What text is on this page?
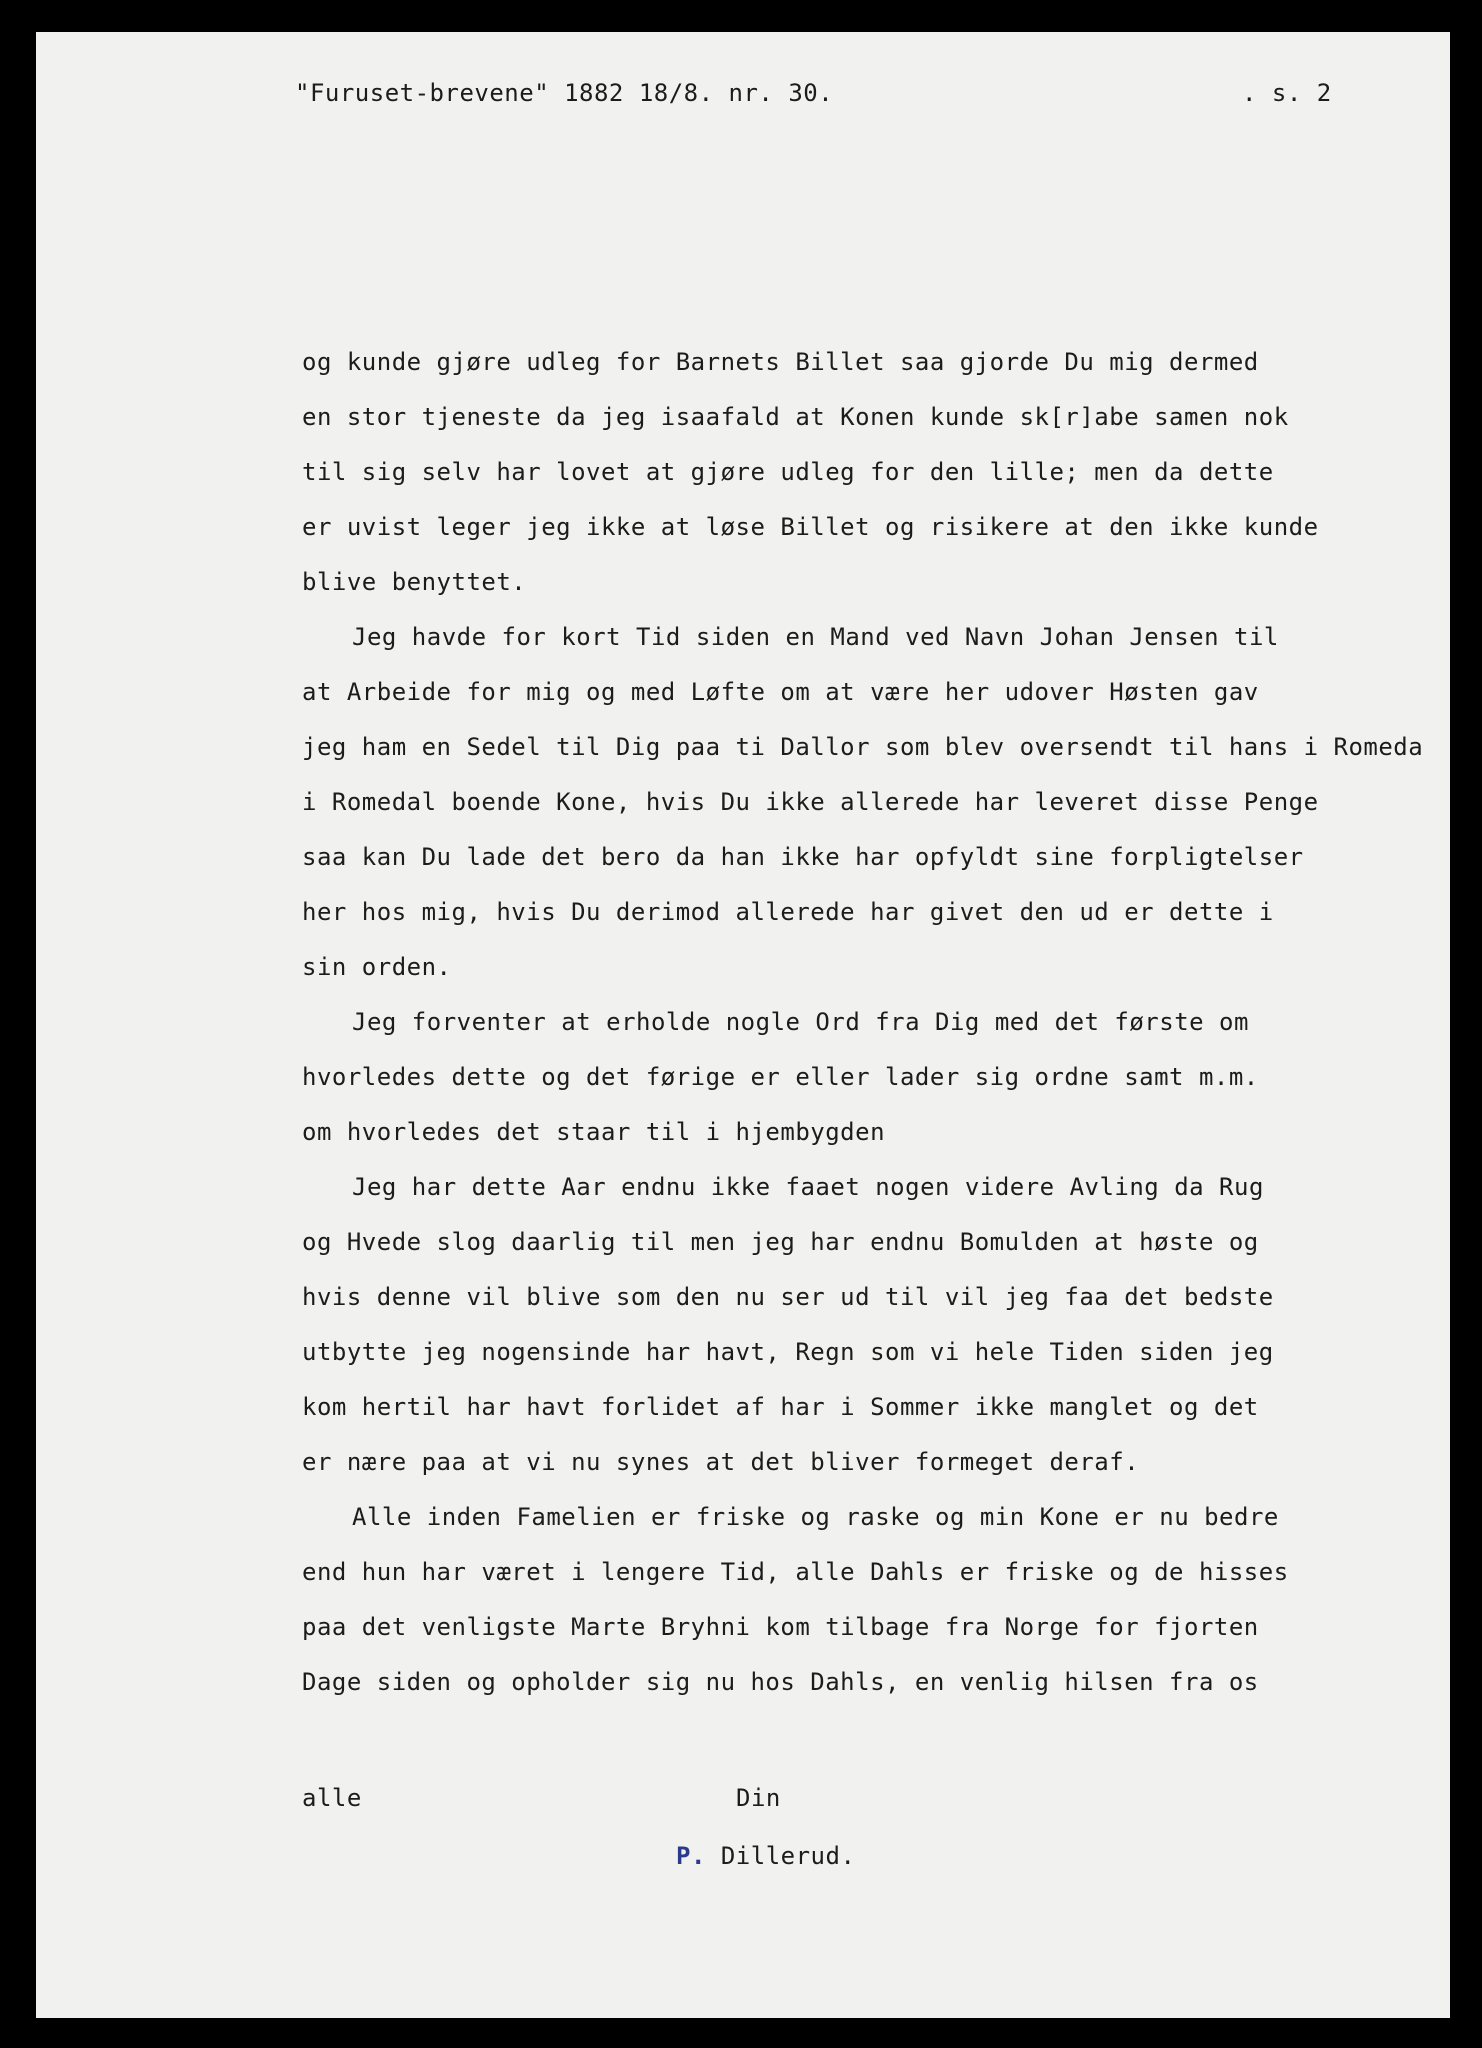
"Furuset-brevene" 1882 18/8. nr. 30.	. s. 2
og kunde gjøre udleg for Barnets Billet saa gjorde Du mig dermed
en stor tjeneste da jeg isaafald at Konen kunde sk[r]abe samen nok
til sig selv har lovet at gjøre udleg for den lille; men da dette
er uvist leger jeg ikke at løse Billet og risikere at den ikke kunde
blive benyttet.
Jeg havde for kort Tid siden en Mand ved Navn Johan Jensen til
at Arbeide for mig og med Løfte om at være her udover Høsten gav
jeg ham en Sedel til Dig paa ti Dallor som blev oversendt til hans i Romeda
i Romedal boende Kone, hvis Du ikke allerede har leveret disse Penge
saa kan Du lade det bero da han ikke har opfyldt sine forpligtelser
her hos mig, hvis Du derimod allerede har givet den ud er dette i
sin orden.
Jeg forventer at erholde nogle Ord fra Dig med det første om
hvorledes dette og det førige er eller lader sig ordne samt m.m.
om hvorledes det staar til i hjembygden
Jeg har dette Aar endnu ikke faaet nogen videre Avling da Rug
og Hvede slog daarlig til men jeg har endnu Bomulden at høste og
hvis denne vil blive som den nu ser ud til vil jeg faa det bedste
utbytte jeg nogensinde har havt, Regn som vi hele Tiden siden jeg
kom hertil har havt forlidet af har i Sommer ikke manglet og det
er nære paa at vi nu synes at det bliver formeget deraf.
Alle inden Famelien er friske og raske og min Kone er nu bedre
end hun har været i lengere Tid, alle Dahls er friske og de hisses
paa det venligste Marte Bryhni kom tilbage fra Norge for fjorten
Dage siden og opholder sig nu hos Dahls, en venlig hilsen fra os
alle	Din
P. Dillerud.
